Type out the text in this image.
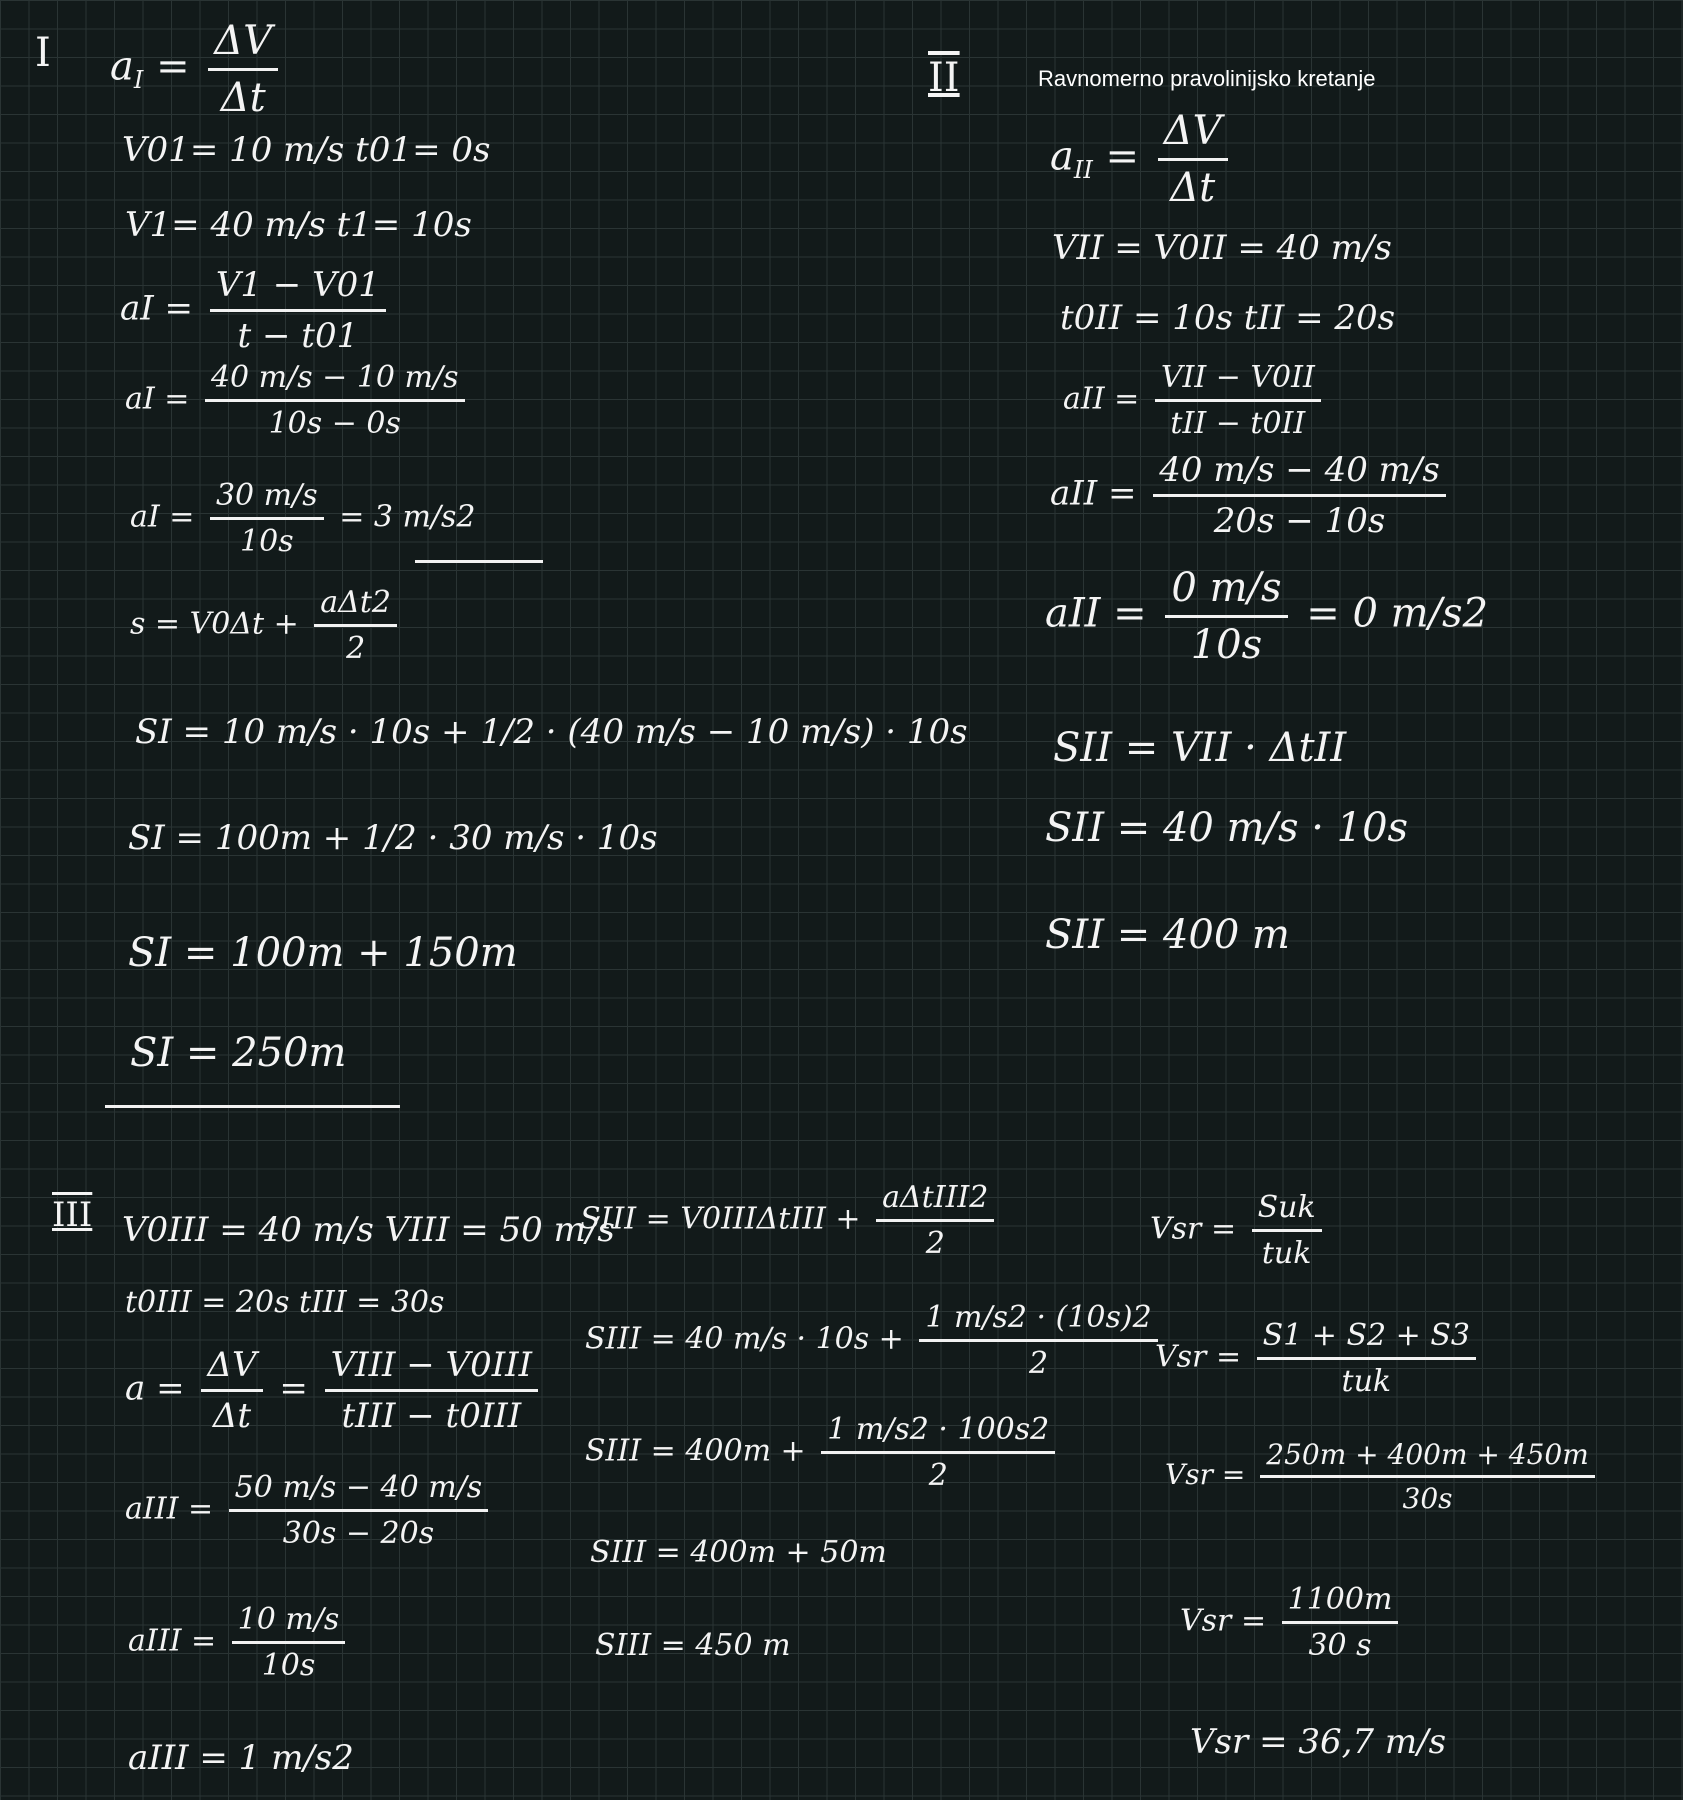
I $a_I = \frac{\Delta V}{\Delta t}$
V01= 10 m/s t01= 0s
V1= 40 m/s t1= 10s
aI = $\frac{V1 - V01}{t - t01}$
aI = $\frac{40 m/s - 10 m/s}{10s - 0s}$
aI = $\frac{30 m/s}{10s} = 3$ m/s2
$s = V0\Delta t + \frac{\text{aΔt2}}{2}$
SI = 10 m/s · 10s + 1/2 · (40 m/s − 10 m/s) · 10s
SI = 100m + 1/2 · 30 m/s · 10s
SI = 100m + 150m
SI = 250m
II	Ravnomerno pravolinijsko kretanje
$a_{II} = \frac{\Delta V}{\Delta t}$
VII = V0II = 40 m/s
t0II = 10s tII = 20s
aII = $\frac{\text{VII − V0II}}{\text{tII − t0II}}$
aII = $\frac{40 m/s - 40 m/s}{20s - 10s}$
aII = $\frac{0 m/s}{10s} = 0$ m/s2
SII = VII · ΔtII
SII = 40 m/s · 10s
SII = 400 m
III V0III = 40 m/s VIII = 50 m/s
t0III = 20s tIII = 30s
$a = \frac{\Delta V}{\Delta t} = \frac{\text{VIII − V0III}}{\text{tIII − t0III}}$
aIII = $\frac{50 m/s - 40 m/s}{30s - 20s}$
aIII = $\frac{10 m/s}{10s}$
aIII = 1 m/s2
SIII = V0IIIΔtIII + $\frac{\text{aΔtIII2}}{2}$
SIII = 40 $m/s \cdot 10s + \frac{1 m/s2 \cdot (10s)2}{2}$
SIII = $400m + \frac{1 m/s2 \cdot 100s2}{2}$
SIII = 400m + 50m
SIII = 450 m
Vsr = $\frac{\text{Suk}}{\text{tuk}}$
Vsr = $\frac{S1 + S2 + S3}{\text{tuk}}$
Vsr = $\frac{250m + 400m + 450m}{30s}$
Vsr = $\frac{1100m}{30 s}$
Vsr = 36,7 m/s
